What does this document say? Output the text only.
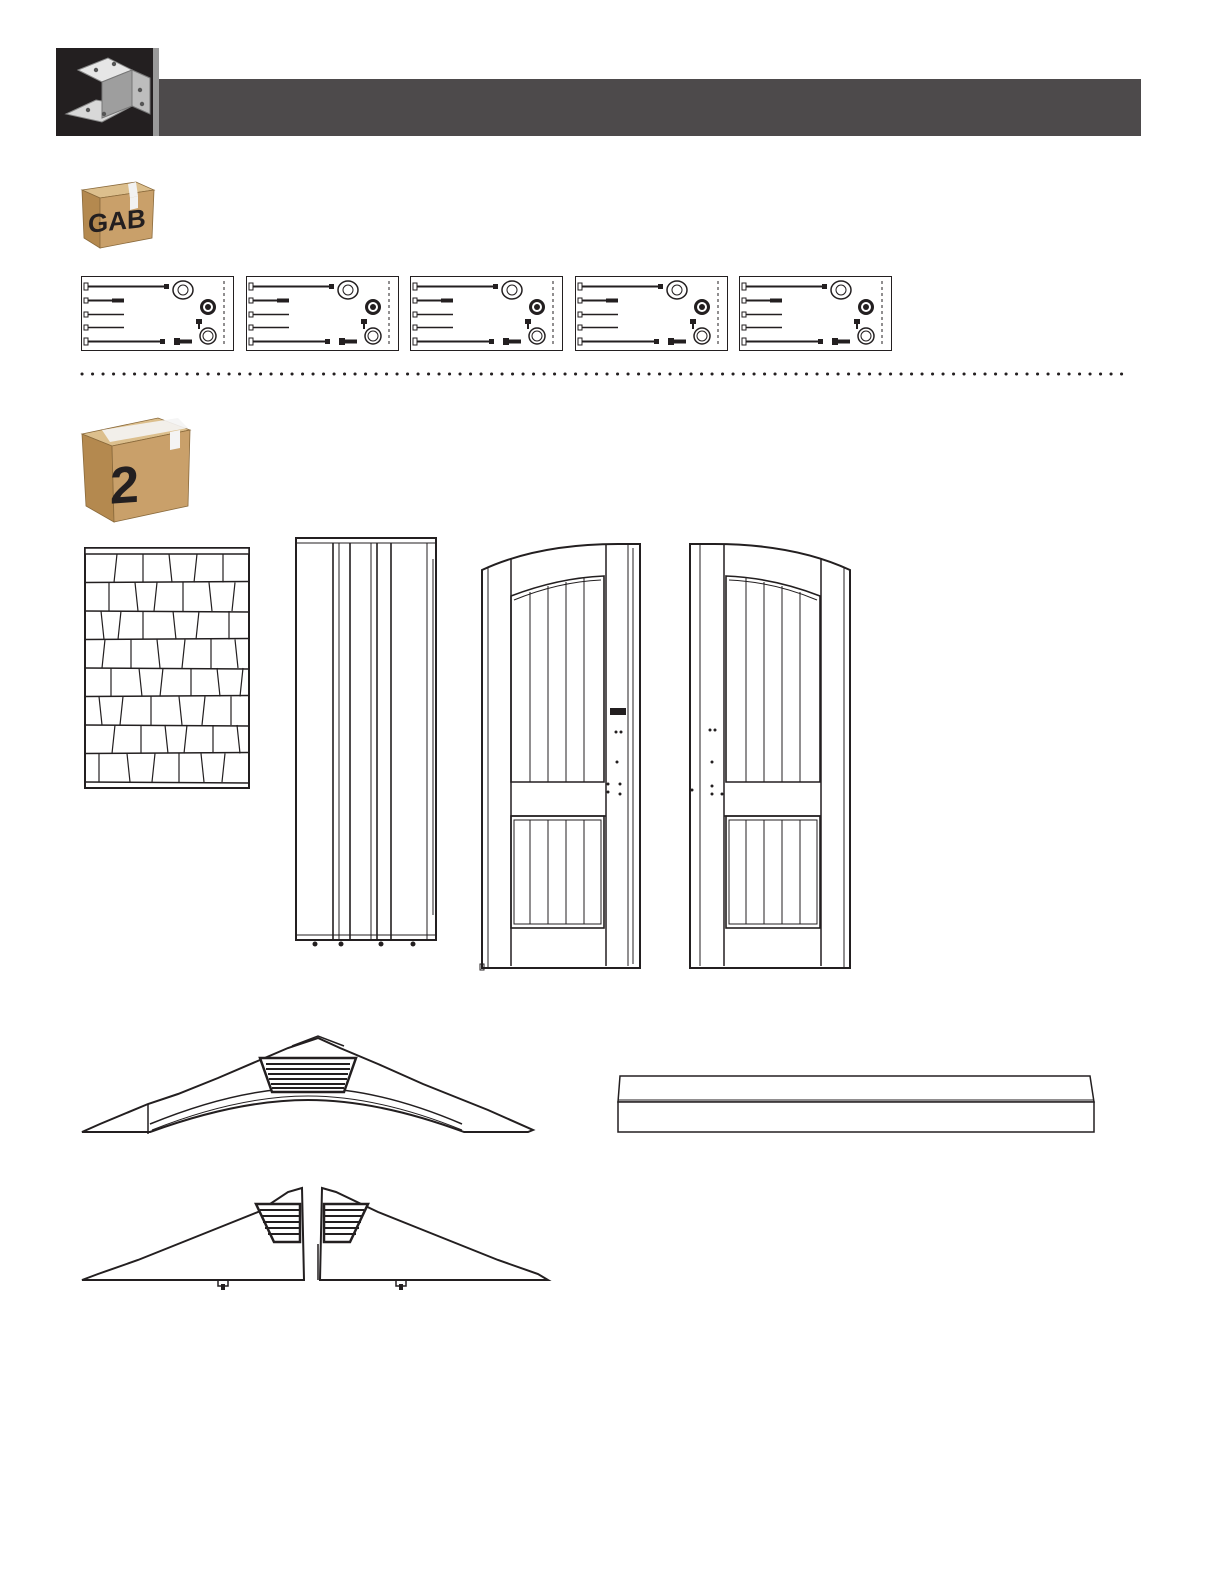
GAB
2
